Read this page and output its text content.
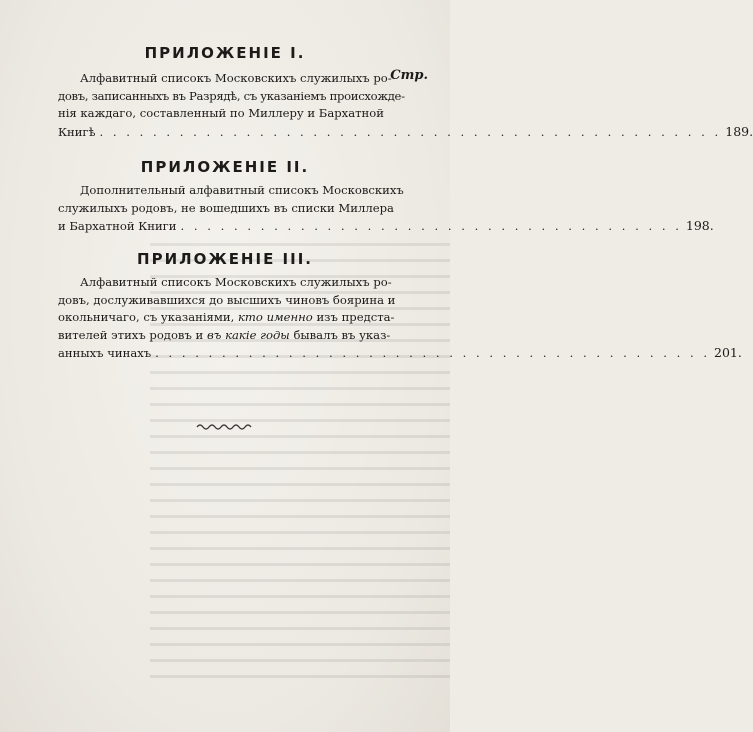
ПРИЛОЖЕНІЕ I.
Стр.
Алфавитный списокъ Московскихъ служилыхъ ро-
довъ, записанныхъ въ Разрядѣ, съ указаніемъ происхожде-
нія каждаго, составленный по Миллеру и Бархатной
Книгѣ . . . . . . . . . . . . . . . . . . . . . . . . . . . . . . . . . . . . . . . . . . . . . . . 189.
ПРИЛОЖЕНІЕ II.
Дополнительный алфавитный списокъ Московскихъ
служилыхъ родовъ, не вошедшихъ въ списки Миллера
и Бархатной Книги . . . . . . . . . . . . . . . . . . . . . . . . . . . . . . . . . . . . . . 198.
ПРИЛОЖЕНІЕ III.
Алфавитный списокъ Московскихъ служилыхъ ро-
довъ, дослуживавшихся до высшихъ чиновъ боярина и
окольничаго, съ указаніями, кто именно изъ предста-
вителей этихъ родовъ и въ какіе годы бывалъ въ указ-
анныхъ чинахъ . . . . . . . . . . . . . . . . . . . . . . . . . . . . . . . . . . . . . . . . . . 201.
